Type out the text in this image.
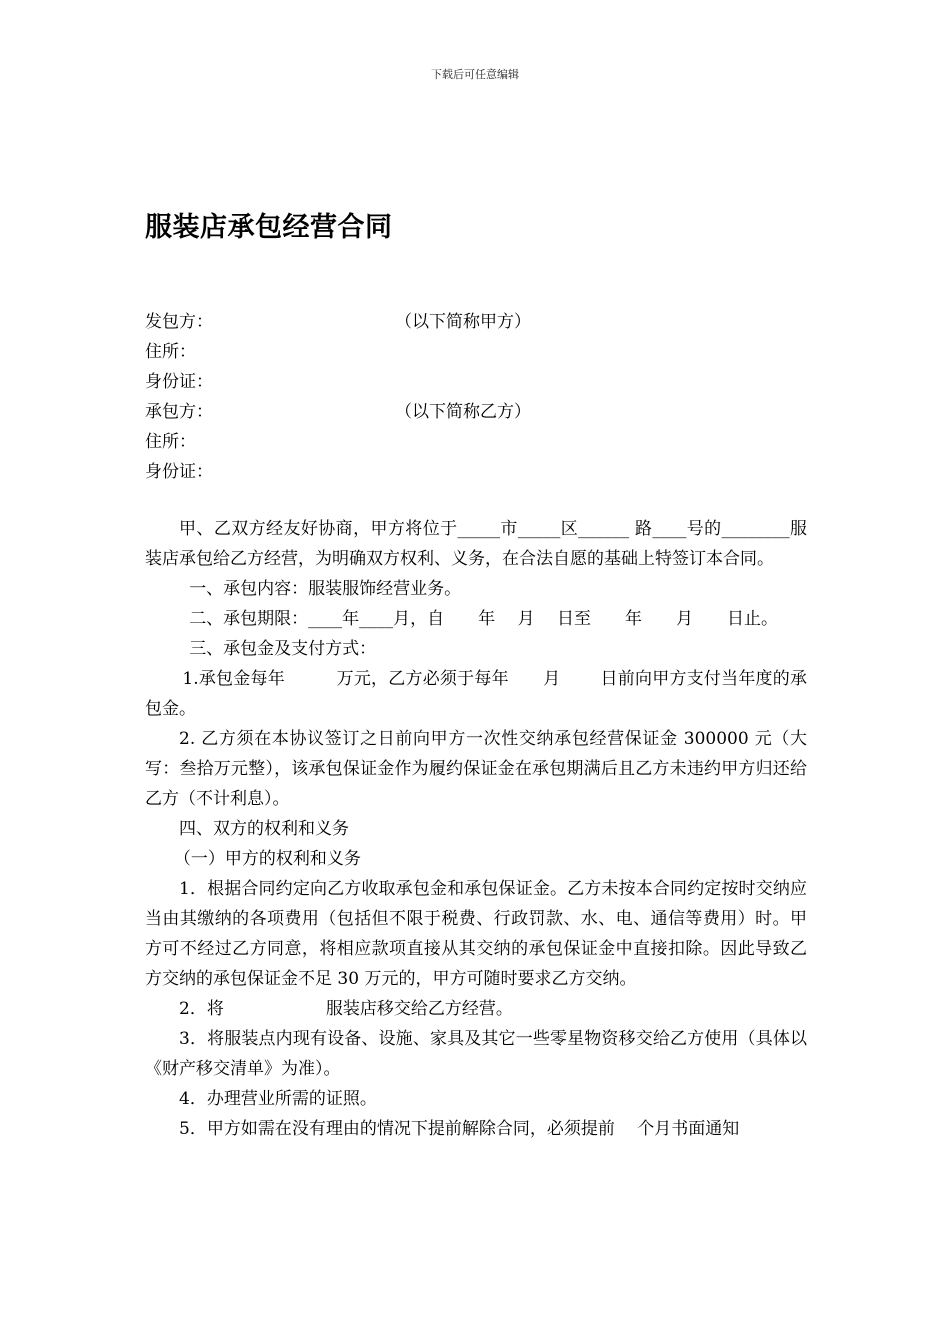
下载后可任意编辑
服装店承包经营合同
发包方：	（以下简称甲方）
住所：
身份证：
承包方：	（以下简称乙方）
住所：
身份证：

甲、乙双方经友好协商，甲方将位于_____市_____区______ 路____号的________服装店承包给乙方经营，为明确双方权利、义务，在合法自愿的基础上特签订本合同。

一、承包内容：服装服饰经营业务。

二、承包期限：____年____月，自　　年　 月　 日至　　年　　月　　日止。

三、承包金及支付方式：

1.承包金每年　　　万元，乙方必须于每年　　月　　 日前向甲方支付当年度的承包金。

2. 乙方须在本协议签订之日前向甲方一次性交纳承包经营保证金 300000 元（大写：叁拾万元整），该承包保证金作为履约保证金在承包期满后且乙方未违约甲方归还给乙方（不计利息）。

四、双方的权利和义务

（一）甲方的权利和义务

1．根据合同约定向乙方收取承包金和承包保证金。乙方未按本合同约定按时交纳应当由其缴纳的各项费用（包括但不限于税费、行政罚款、水、电、通信等费用）时。甲方可不经过乙方同意，将相应款项直接从其交纳的承包保证金中直接扣除。因此导致乙方交纳的承包保证金不足 30 万元的，甲方可随时要求乙方交纳。

2．将　　　　　　服装店移交给乙方经营。

3．将服装点内现有设备、设施、家具及其它一些零星物资移交给乙方使用（具体以《财产移交清单》为准）。

4．办理营业所需的证照。

5．甲方如需在没有理由的情况下提前解除合同，必须提前　 个月书面通知
